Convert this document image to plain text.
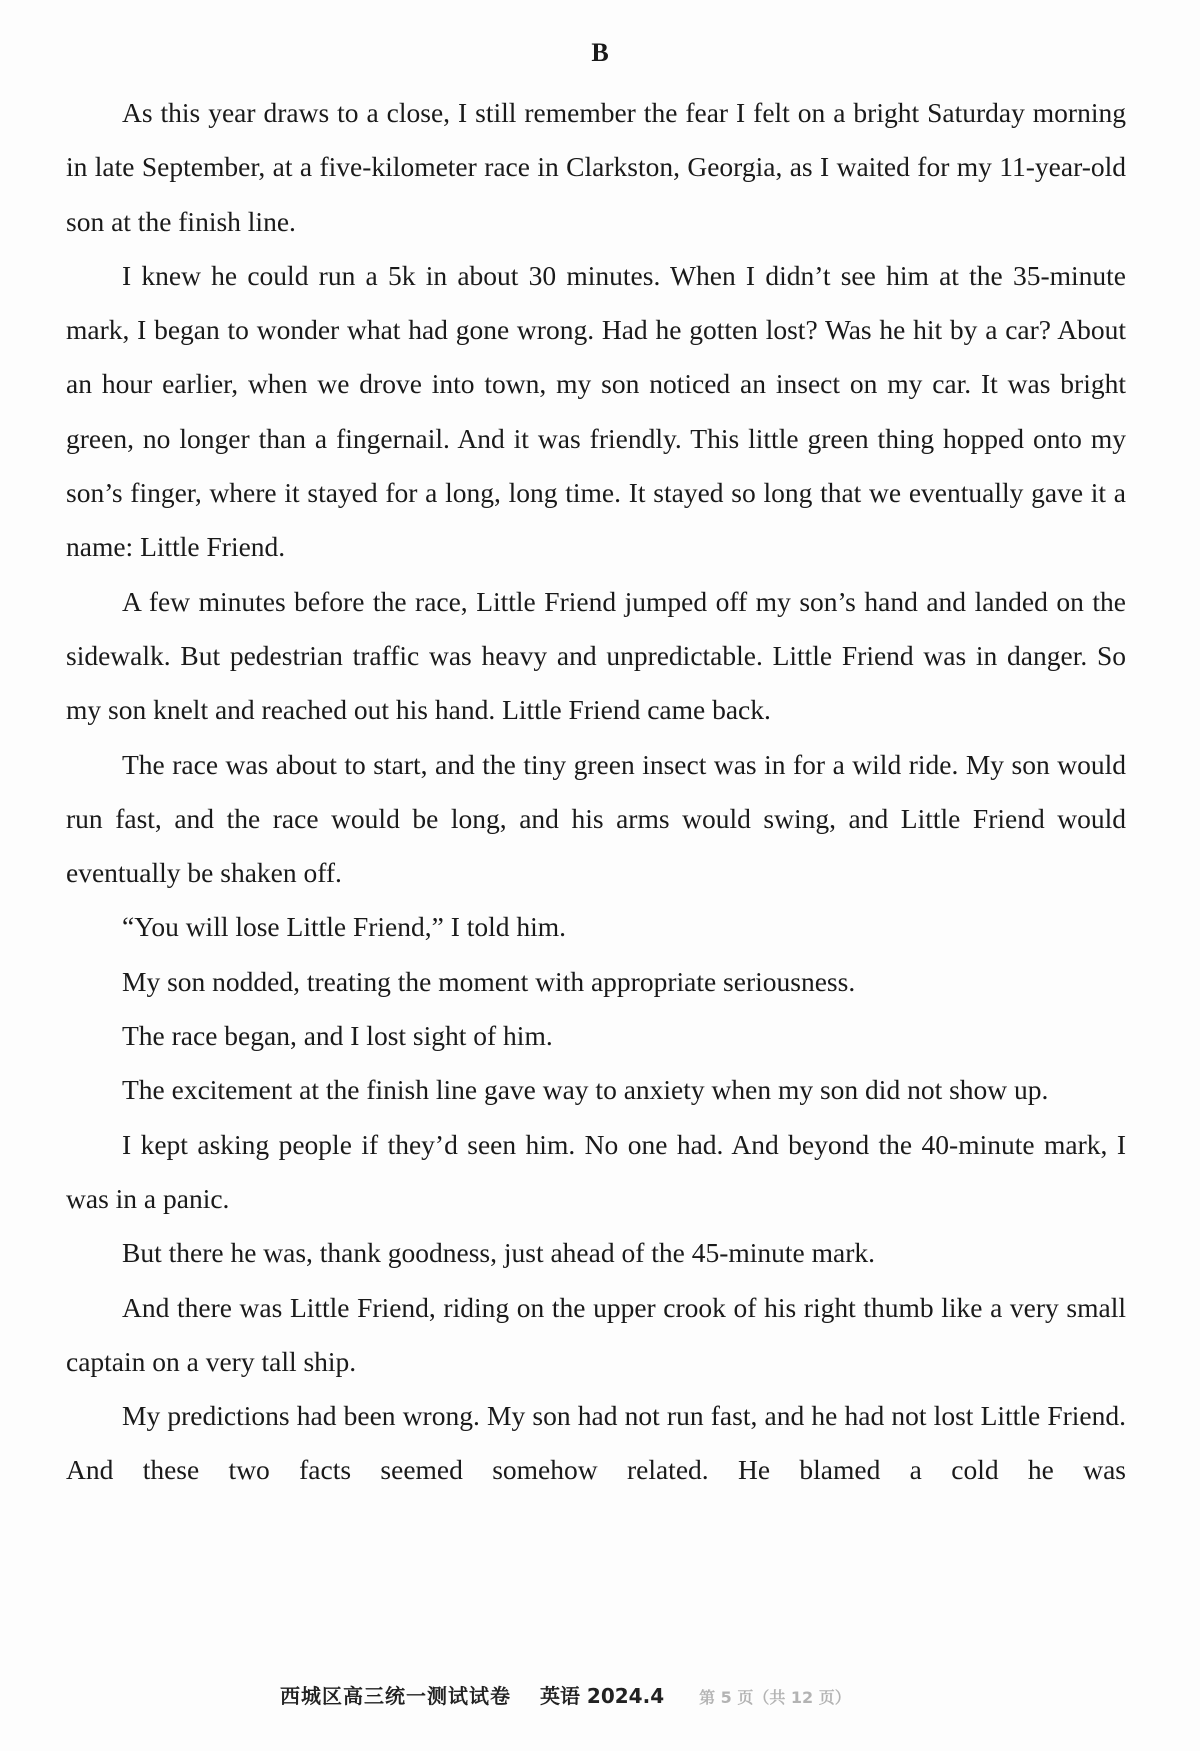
B

As this year draws to a close, I still remember the fear I felt on a bright Saturday morning in late September, at a five-kilometer race in Clarkston, Georgia, as I waited for my 11-year-old son at the finish line.

I knew he could run a 5k in about 30 minutes. When I didn’t see him at the 35-minute mark, I began to wonder what had gone wrong. Had he gotten lost? Was he hit by a car? About an hour earlier, when we drove into town, my son noticed an insect on my car. It was bright green, no longer than a fingernail. And it was friendly. This little green thing hopped onto my son’s finger, where it stayed for a long, long time. It stayed so long that we eventually gave it a name: Little Friend.

A few minutes before the race, Little Friend jumped off my son’s hand and landed on the sidewalk. But pedestrian traffic was heavy and unpredictable. Little Friend was in danger. So my son knelt and reached out his hand. Little Friend came back.

The race was about to start, and the tiny green insect was in for a wild ride. My son would run fast, and the race would be long, and his arms would swing, and Little Friend would eventually be shaken off.

“You will lose Little Friend,” I told him.

My son nodded, treating the moment with appropriate seriousness.

The race began, and I lost sight of him.

The excitement at the finish line gave way to anxiety when my son did not show up.

I kept asking people if they’d seen him. No one had. And beyond the 40-minute mark, I was in a panic.

But there he was, thank goodness, just ahead of the 45-minute mark.

And there was Little Friend, riding on the upper crook of his right thumb like a very small captain on a very tall ship.

My predictions had been wrong. My son had not run fast, and he had not lost Little Friend. And these two facts seemed somehow related. He blamed a cold he was

西城区高三统一测试试卷 英语 2024.4 第 5 页（共 12 页）
